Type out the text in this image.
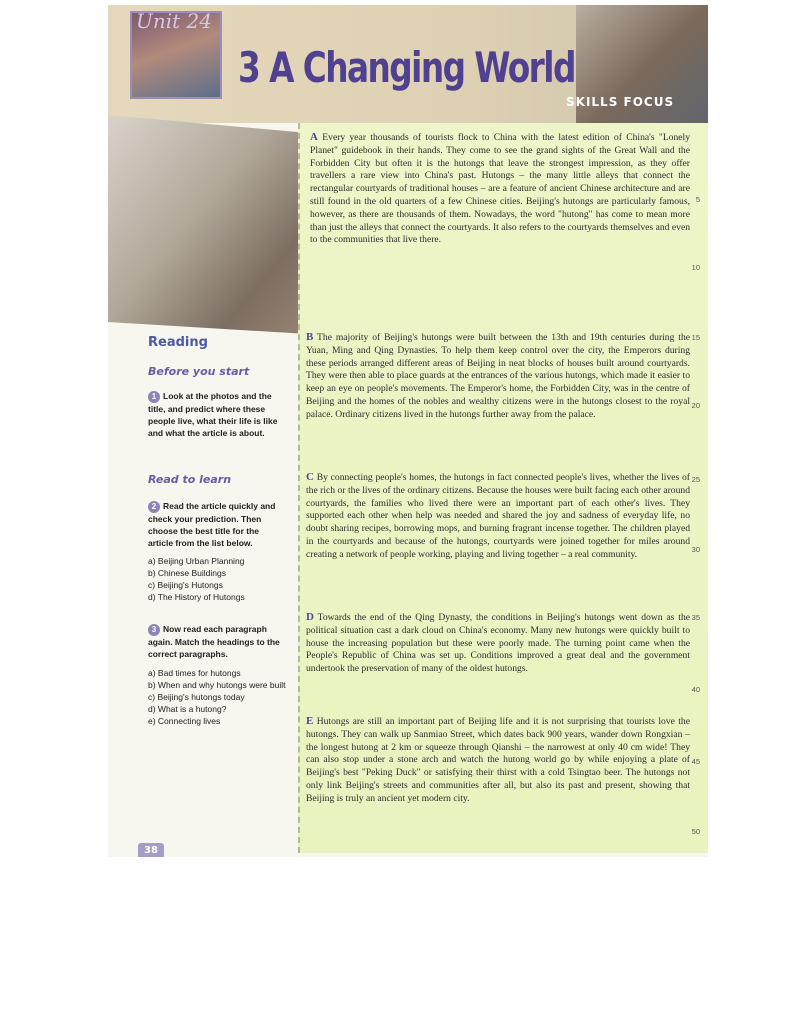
Unit 24
3 A Changing World
SKILLS FOCUS
Reading
Before you start
1 Look at the photos and the title, and predict where these people live, what their life is like and what the article is about.
Read to learn
2 Read the article quickly and check your prediction. Then choose the best title for the article from the list below.
a) Beijing Urban Planning
b) Chinese Buildings
c) Beijing's Hutongs
d) The History of Hutongs
3 Now read each paragraph again. Match the headings to the correct paragraphs.
a) Bad times for hutongs
b) When and why hutongs were built
c) Beijing's hutongs today
d) What is a hutong?
e) Connecting lives
38
A Every year thousands of tourists flock to China with the latest edition of China's "Lonely Planet" guidebook in their hands. They come to see the grand sights of the Great Wall and the Forbidden City but often it is the hutongs that leave the strongest impression, as they offer travellers a rare view into China's past. Hutongs – the many little alleys that connect the rectangular courtyards of traditional houses – are a feature of ancient Chinese architecture and are still found in the old quarters of a few Chinese cities. Beijing's hutongs are particularly famous, however, as there are thousands of them. Nowadays, the word "hutong" has come to mean more than just the alleys that connect the courtyards. It also refers to the courtyards themselves and even to the communities that live there.
B The majority of Beijing's hutongs were built between the 13th and 19th centuries during the Yuan, Ming and Qing Dynasties. To help them keep control over the city, the Emperors during these periods arranged different areas of Beijing in neat blocks of houses built around courtyards. They were then able to place guards at the entrances of the various hutongs, which made it easier to keep an eye on people's movements. The Emperor's home, the Forbidden City, was in the centre of Beijing and the homes of the nobles and wealthy citizens were in the hutongs closest to the royal palace. Ordinary citizens lived in the hutongs further away from the palace.
C By connecting people's homes, the hutongs in fact connected people's lives, whether the lives of the rich or the lives of the ordinary citizens. Because the houses were built facing each other around courtyards, the families who lived there were an important part of each other's lives. They supported each other when help was needed and shared the joy and sadness of everyday life, no doubt sharing recipes, borrowing mops, and burning fragrant incense together. The children played in the courtyards and because of the hutongs, courtyards were joined together for miles around creating a network of people working, playing and living together – a real community.
D Towards the end of the Qing Dynasty, the conditions in Beijing's hutongs went down as the political situation cast a dark cloud on China's economy. Many new hutongs were quickly built to house the increasing population but these were poorly made. The turning point came when the People's Republic of China was set up. Conditions improved a great deal and the government undertook the preservation of many of the oldest hutongs.
E Hutongs are still an important part of Beijing life and it is not surprising that tourists love the hutongs. They can walk up Sanmiao Street, which dates back 900 years, wander down Rongxian – the longest hutong at 2 km or squeeze through Qianshi – the narrowest at only 40 cm wide! They can also stop under a stone arch and watch the hutong world go by while enjoying a plate of Beijing's best "Peking Duck" or satisfying their thirst with a cold Tsingtao beer. The hutongs not only link Beijing's streets and communities after all, but also its past and present, showing that Beijing is truly an ancient yet modern city.
5
10
15
20
25
30
35
40
45
50
